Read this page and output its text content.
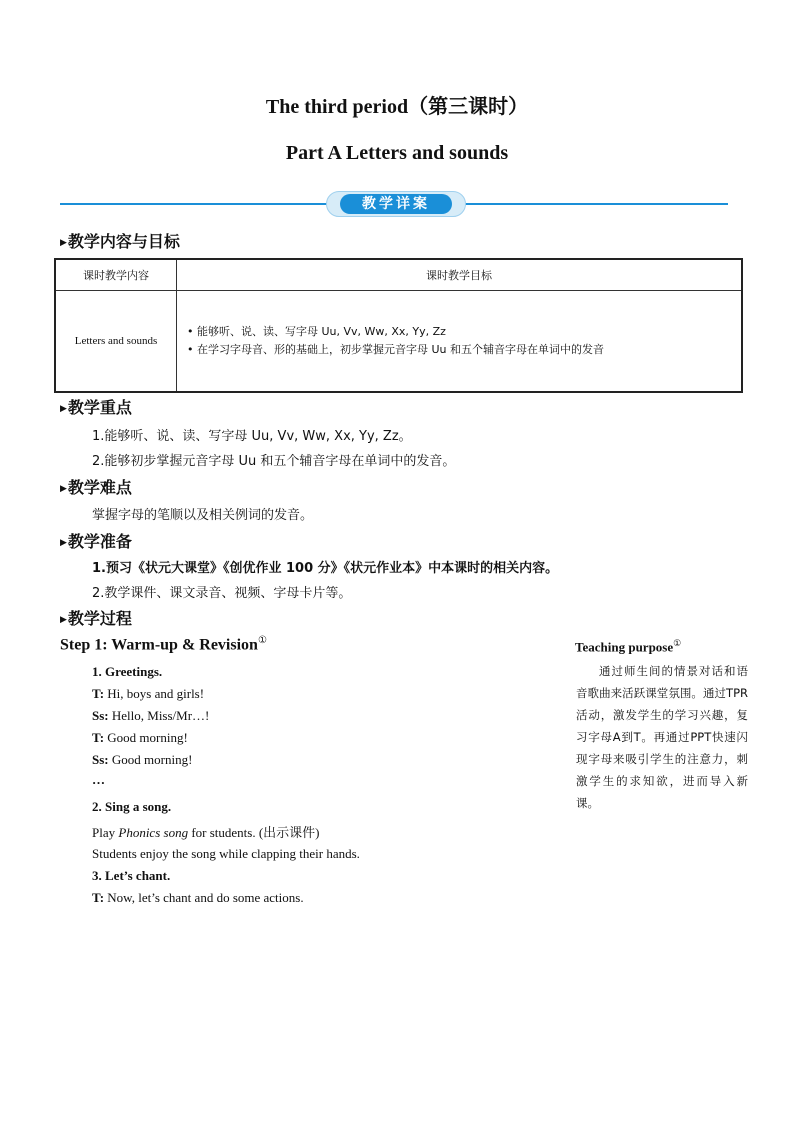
The third period（第三课时）
Part A Letters and sounds
教学详案
▶教学内容与目标
课时教学内容	课时教学目标
Letters and sounds	• 能够听、说、读、写字母 Uu, Vv, Ww, Xx, Yy, Zz
• 在学习字母音、形的基础上，初步掌握元音字母 Uu 和五个辅音字母在单词中的发音
▶教学重点
1.能够听、说、读、写字母 Uu, Vv, Ww, Xx, Yy, Zz。
2.能够初步掌握元音字母 Uu 和五个辅音字母在单词中的发音。
▶教学难点
掌握字母的笔顺以及相关例词的发音。
▶教学准备
1.预习《状元大课堂》《创优作业 100 分》《状元作业本》中本课时的相关内容。
2.教学课件、课文录音、视频、字母卡片等。
▶教学过程
Step 1: Warm-up & Revision①
1. Greetings.
T: Hi, boys and girls!
Ss: Hello, Miss/Mr…!
T: Good morning!
Ss: Good morning!
…
2. Sing a song.
Play Phonics song for students. (出示课件)
Students enjoy the song while clapping their hands.
3. Let’s chant.
T: Now, let’s chant and do some actions.
Teaching purpose①
通过师生间的情景对话和语音歌曲来活跃课堂氛围。通过TPR活动，激发学生的学习兴趣，复习字母A到T。再通过PPT快速闪现字母来吸引学生的注意力，刺激学生的求知欲，进而导入新课。
